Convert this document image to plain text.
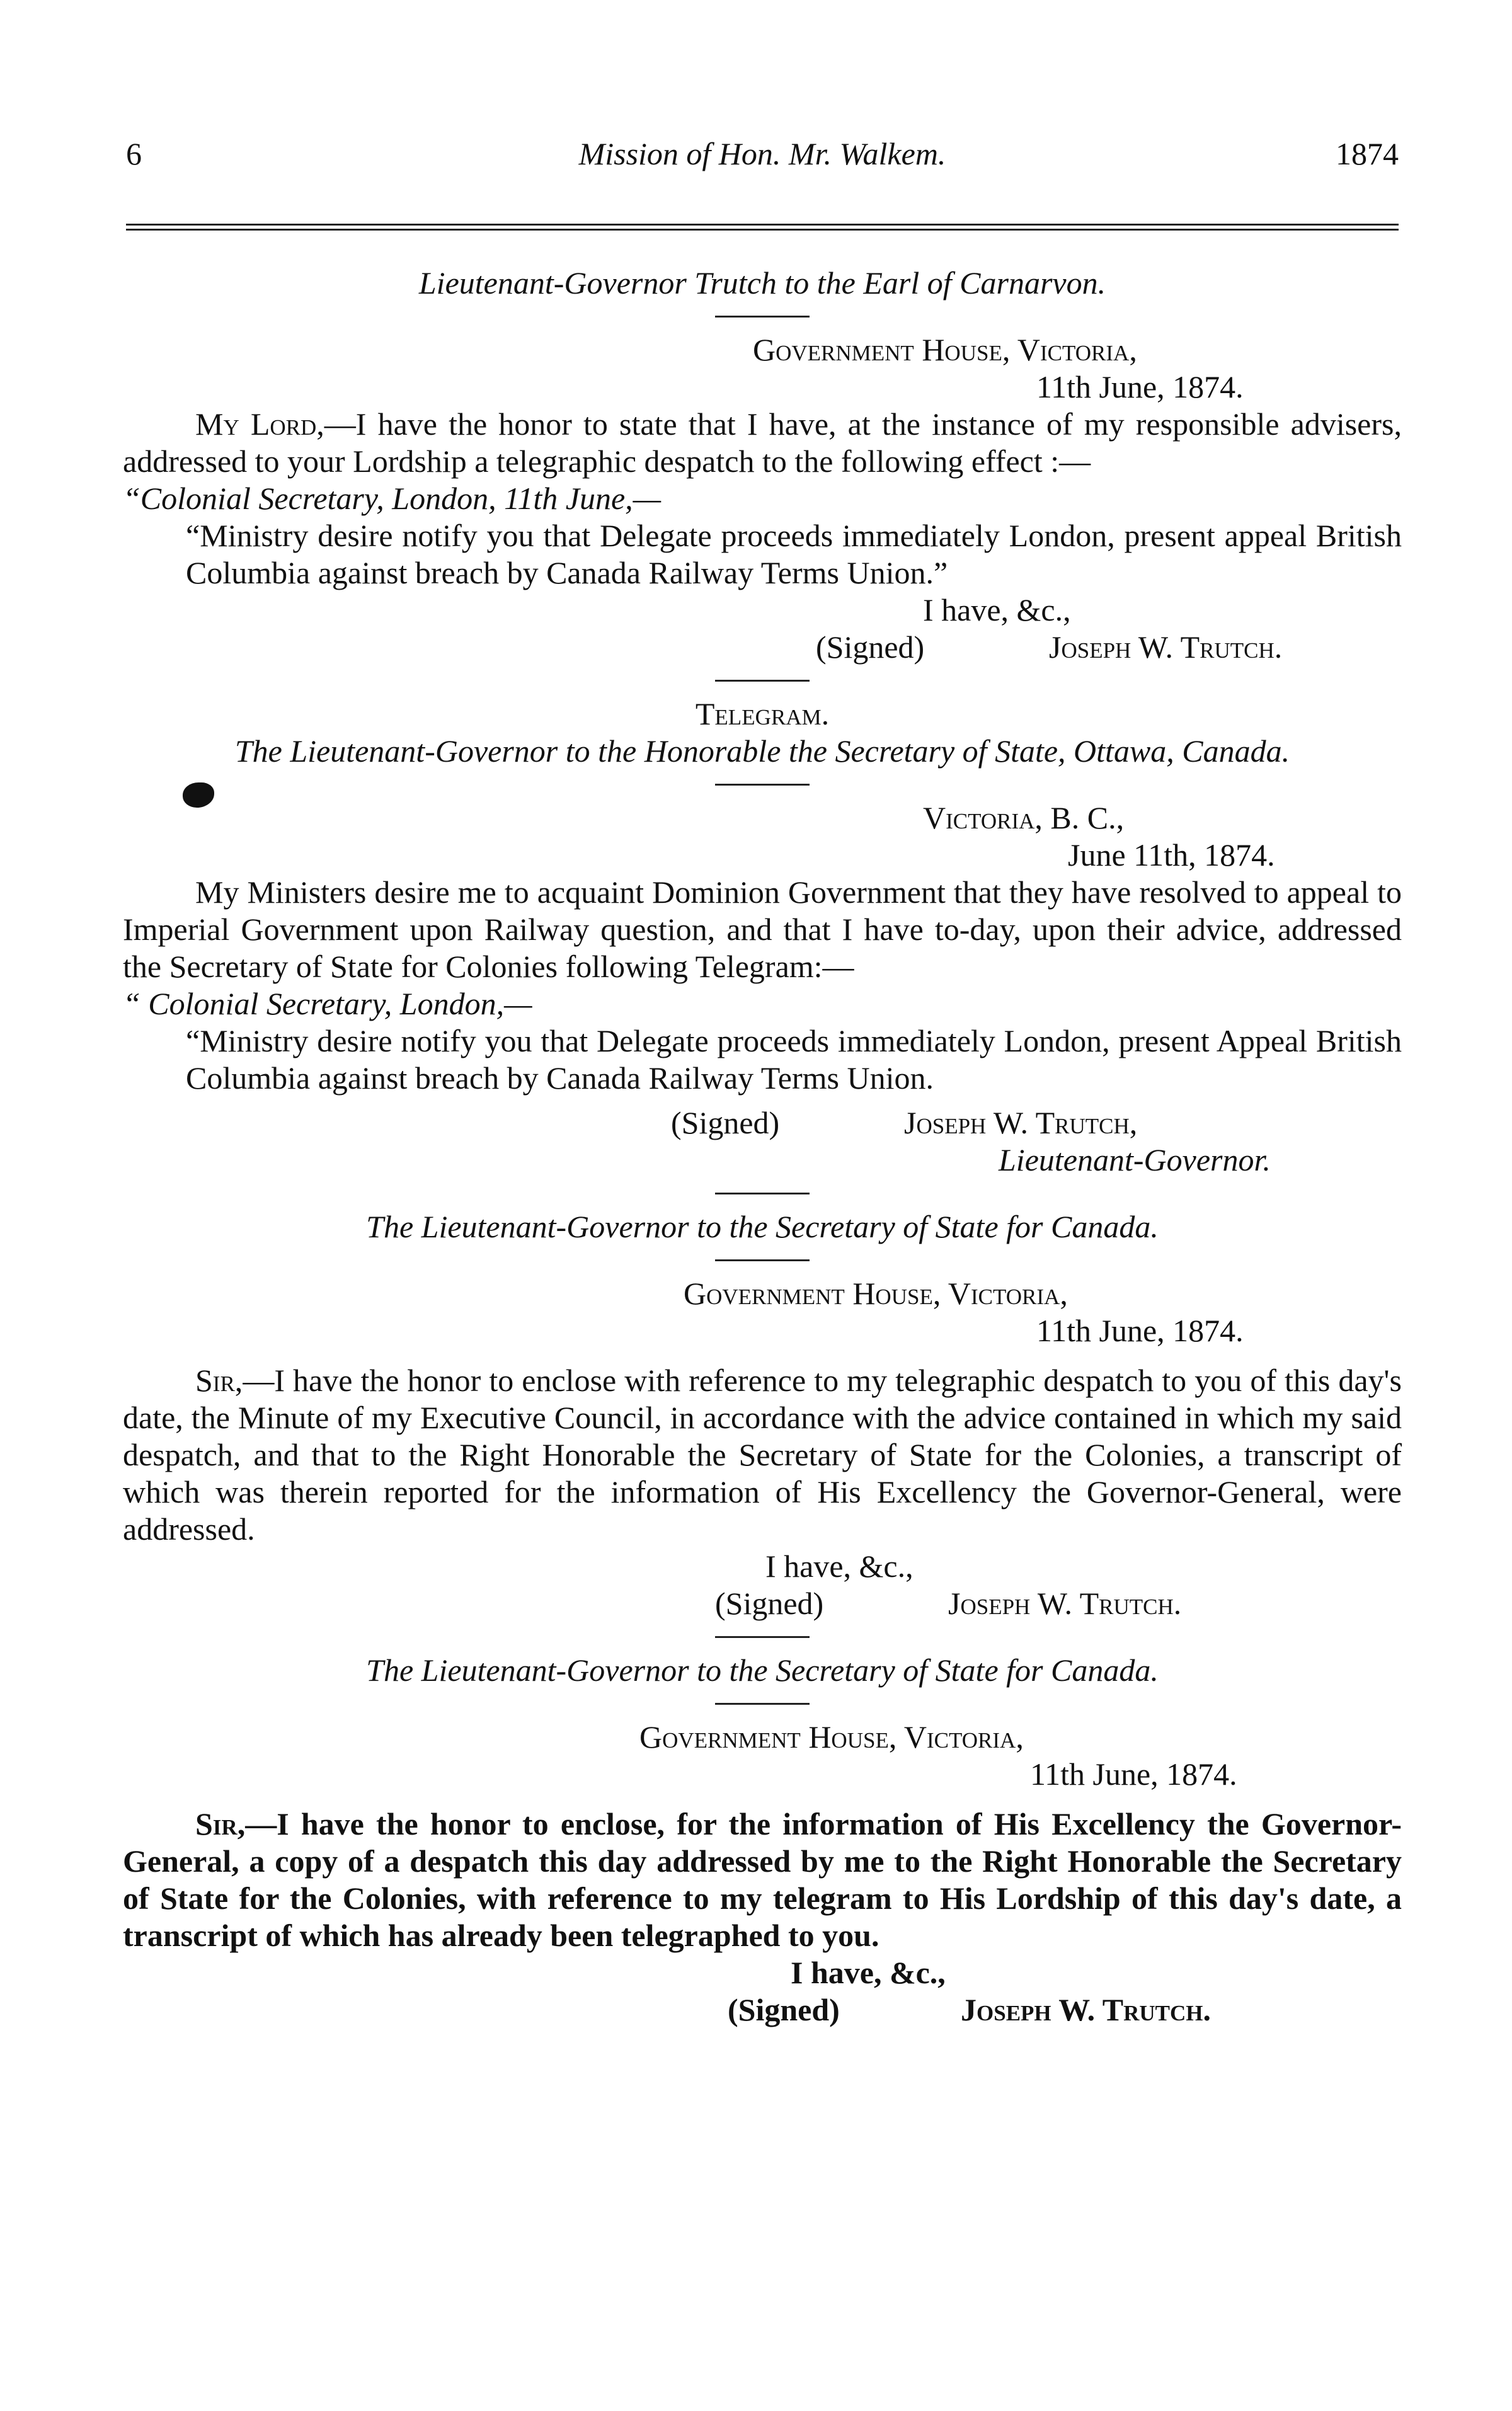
6	Mission of Hon. Mr. Walkem.	1874

Lieutenant-Governor Trutch to the Earl of Carnarvon.

Government House, Victoria,

11th June, 1874.

My Lord,—I have the honor to state that I have, at the instance of my responsible advisers, addressed to your Lordship a telegraphic despatch to the following effect :—

“Colonial Secretary, London, 11th June,—

“Ministry desire notify you that Delegate proceeds immediately London, present appeal British Columbia against breach by Canada Railway Terms Union.”

I have, &c.,

(Signed)	Joseph W. Trutch.

Telegram.

The Lieutenant-Governor to the Honorable the Secretary of State, Ottawa, Canada.

Victoria, B. C.,

June 11th, 1874.

My Ministers desire me to acquaint Dominion Government that they have resolved to appeal to Imperial Government upon Railway question, and that I have to-day, upon their advice, addressed the Secretary of State for Colonies following Telegram:—

“ Colonial Secretary, London,—

“Ministry desire notify you that Delegate proceeds immediately London, present Appeal British Columbia against breach by Canada Railway Terms Union.

(Signed)	Joseph W. Trutch,

Lieutenant-Governor.

The Lieutenant-Governor to the Secretary of State for Canada.

Government House, Victoria,

11th June, 1874.

Sir,—I have the honor to enclose with reference to my telegraphic despatch to you of this day's date, the Minute of my Executive Council, in accordance with the advice contained in which my said despatch, and that to the Right Honorable the Secretary of State for the Colonies, a transcript of which was therein reported for the information of His Excellency the Governor-General, were addressed.

I have, &c.,

(Signed)	Joseph W. Trutch.

The Lieutenant-Governor to the Secretary of State for Canada.

Government House, Victoria,

11th June, 1874.

Sir,—I have the honor to enclose, for the information of His Excellency the Governor-General, a copy of a despatch this day addressed by me to the Right Honorable the Secretary of State for the Colonies, with reference to my telegram to His Lordship of this day's date, a transcript of which has already been telegraphed to you.

I have, &c.,

(Signed)	Joseph W. Trutch.
